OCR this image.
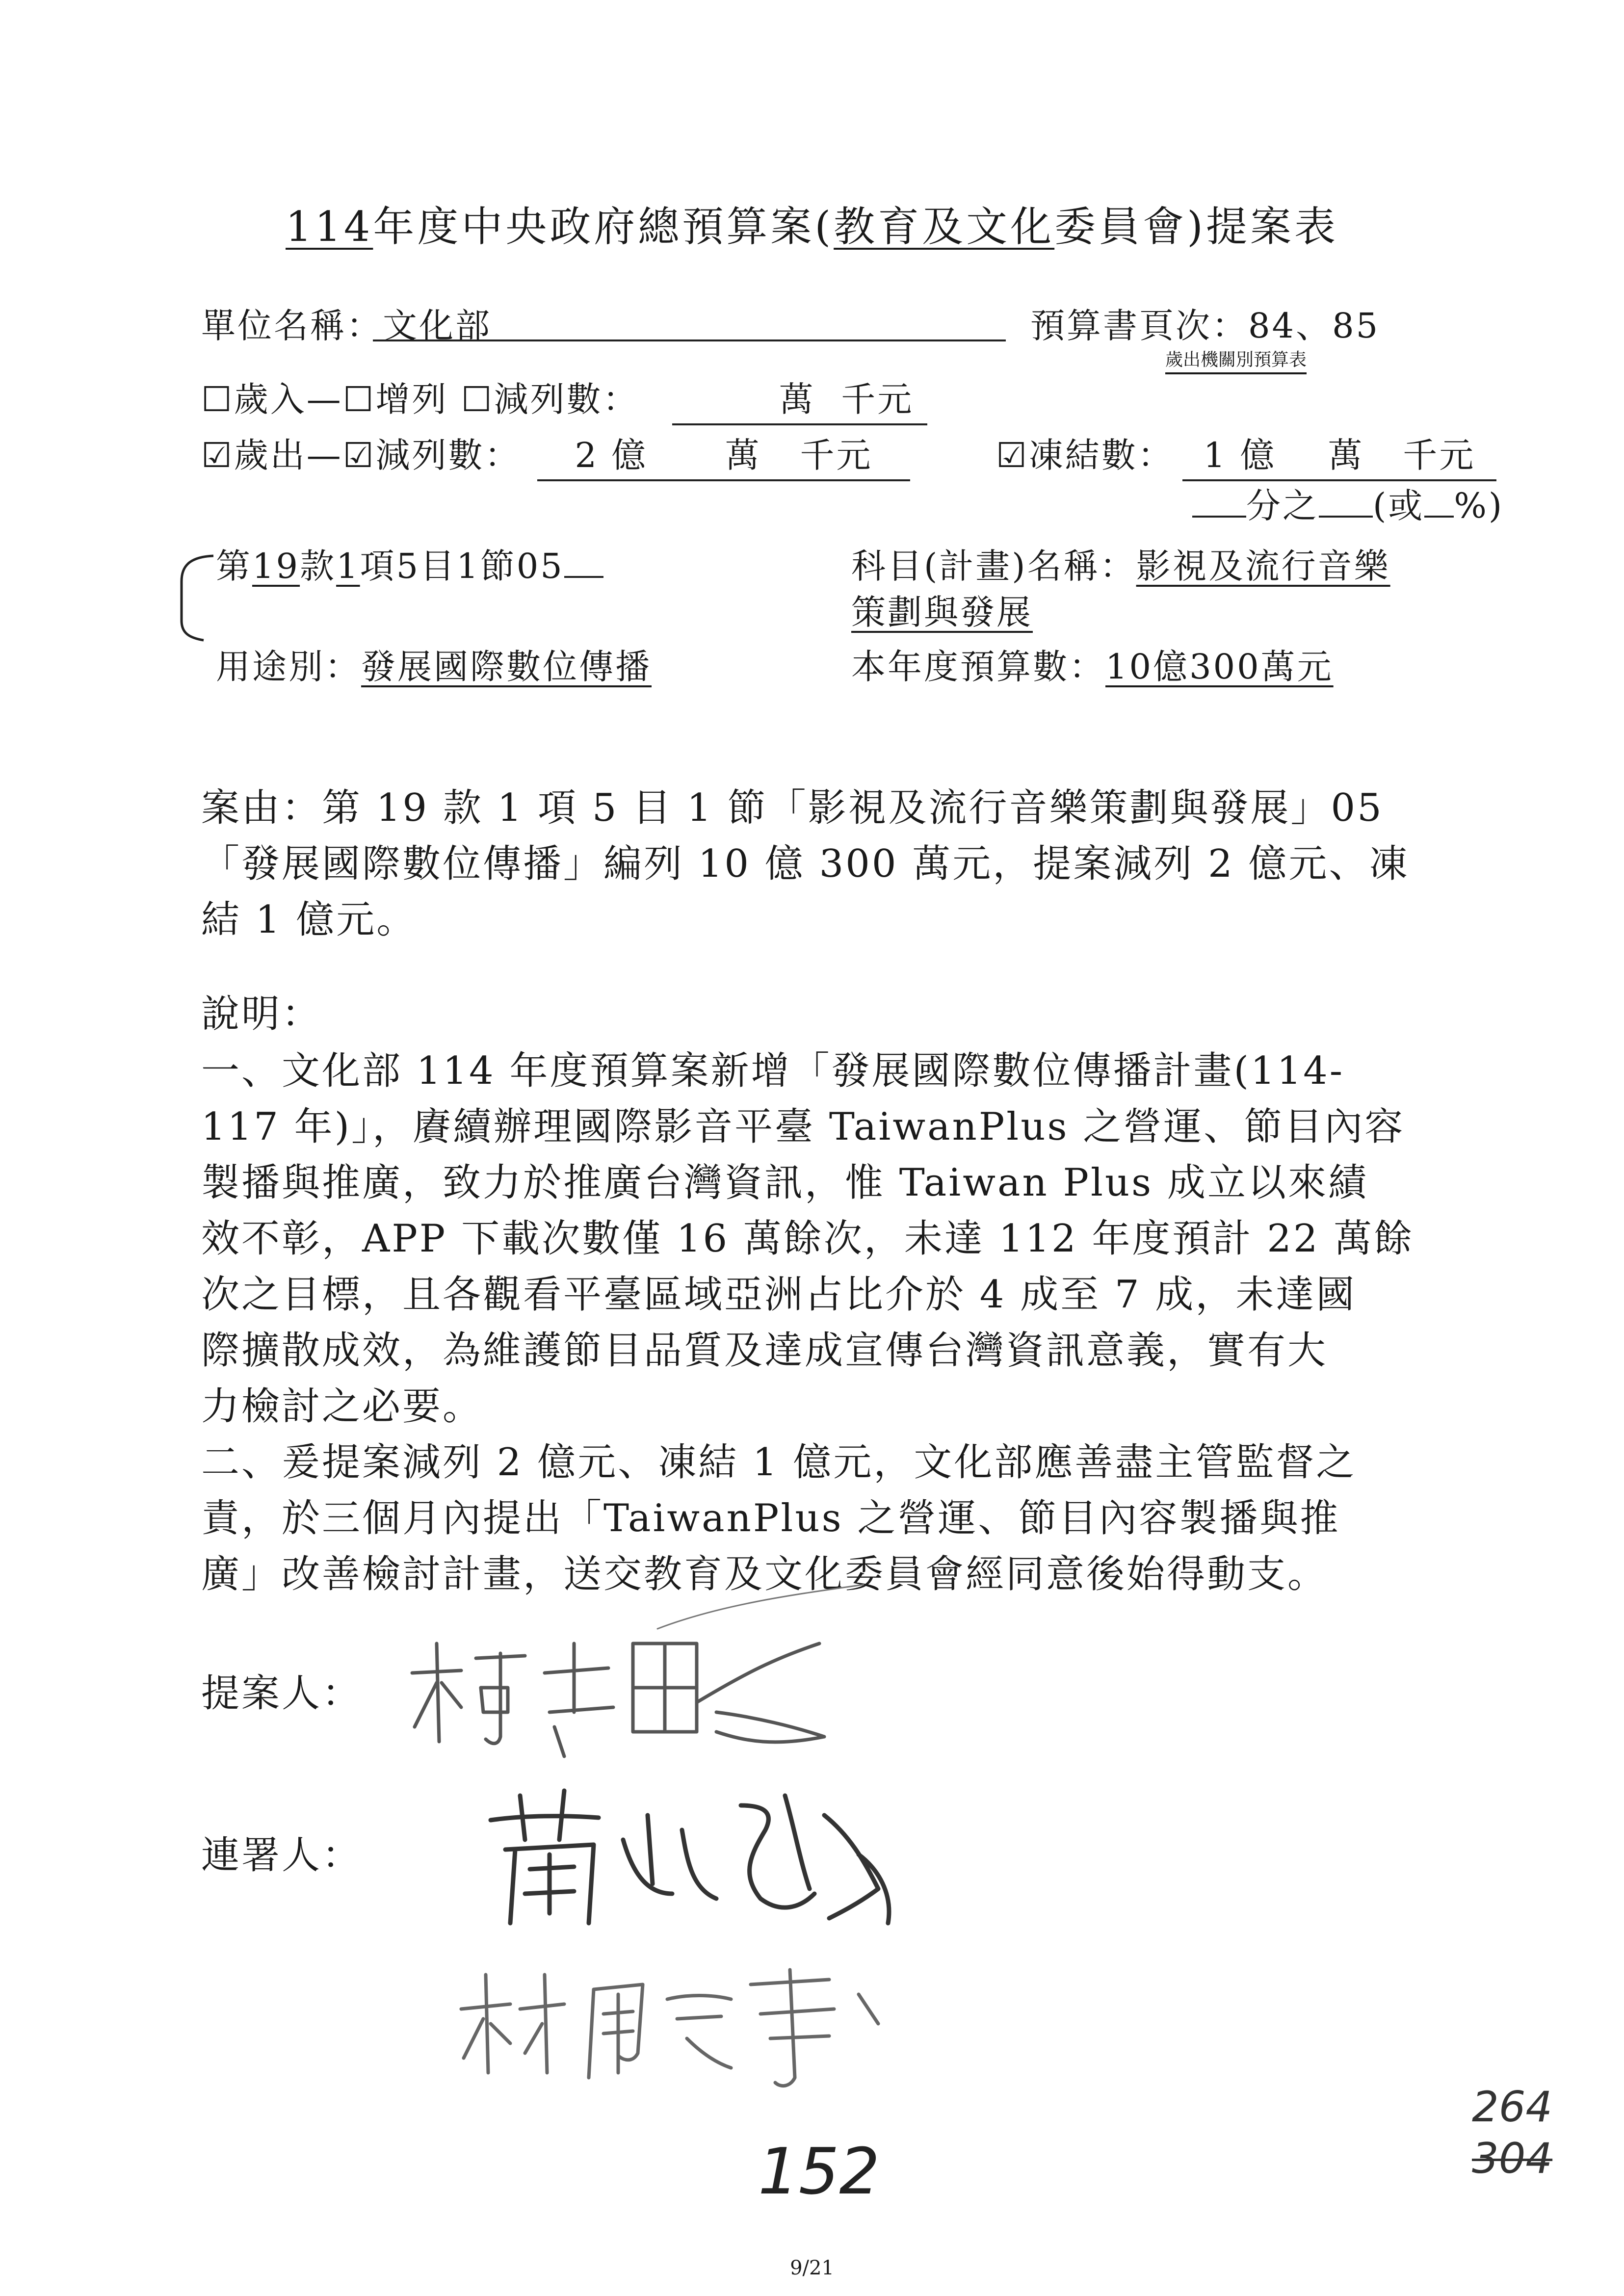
114年度中央政府總預算案(教育及文化委員會)提案表
單位名稱：文化部	預算書頁次：84、85
歲出機關別預算表
☐歲入—☐增列 ☐減列數：	萬 千元
☑歲出—☑減列數：	2 億 萬 千元	☑凍結數： 1 億 萬 千元
分之 (或 %)
第19款1項5目1節05	科目(計畫)名稱：影視及流行音樂
策劃與發展
用途別：發展國際數位傳播	本年度預算數：10億300萬元
案由：第 19 款 1 項 5 目 1 節「影視及流行音樂策劃與發展」05
「發展國際數位傳播」編列 10 億 300 萬元，提案減列 2 億元、凍
結 1 億元。
說明：
一、文化部 114 年度預算案新增「發展國際數位傳播計畫(114-
117 年)」，賡續辦理國際影音平臺 TaiwanPlus 之營運、節目內容
製播與推廣，致力於推廣台灣資訊，惟 Taiwan Plus 成立以來績
效不彰，APP 下載次數僅 16 萬餘次，未達 112 年度預計 22 萬餘
次之目標，且各觀看平臺區域亞洲占比介於 4 成至 7 成，未達國
際擴散成效，為維護節目品質及達成宣傳台灣資訊意義，實有大
力檢討之必要。
二、爰提案減列 2 億元、凍結 1 億元，文化部應善盡主管監督之
責，於三個月內提出「TaiwanPlus 之營運、節目內容製播與推
廣」改善檢討計畫，送交教育及文化委員會經同意後始得動支。
提案人：
連署人：
152
264
304
9/21
